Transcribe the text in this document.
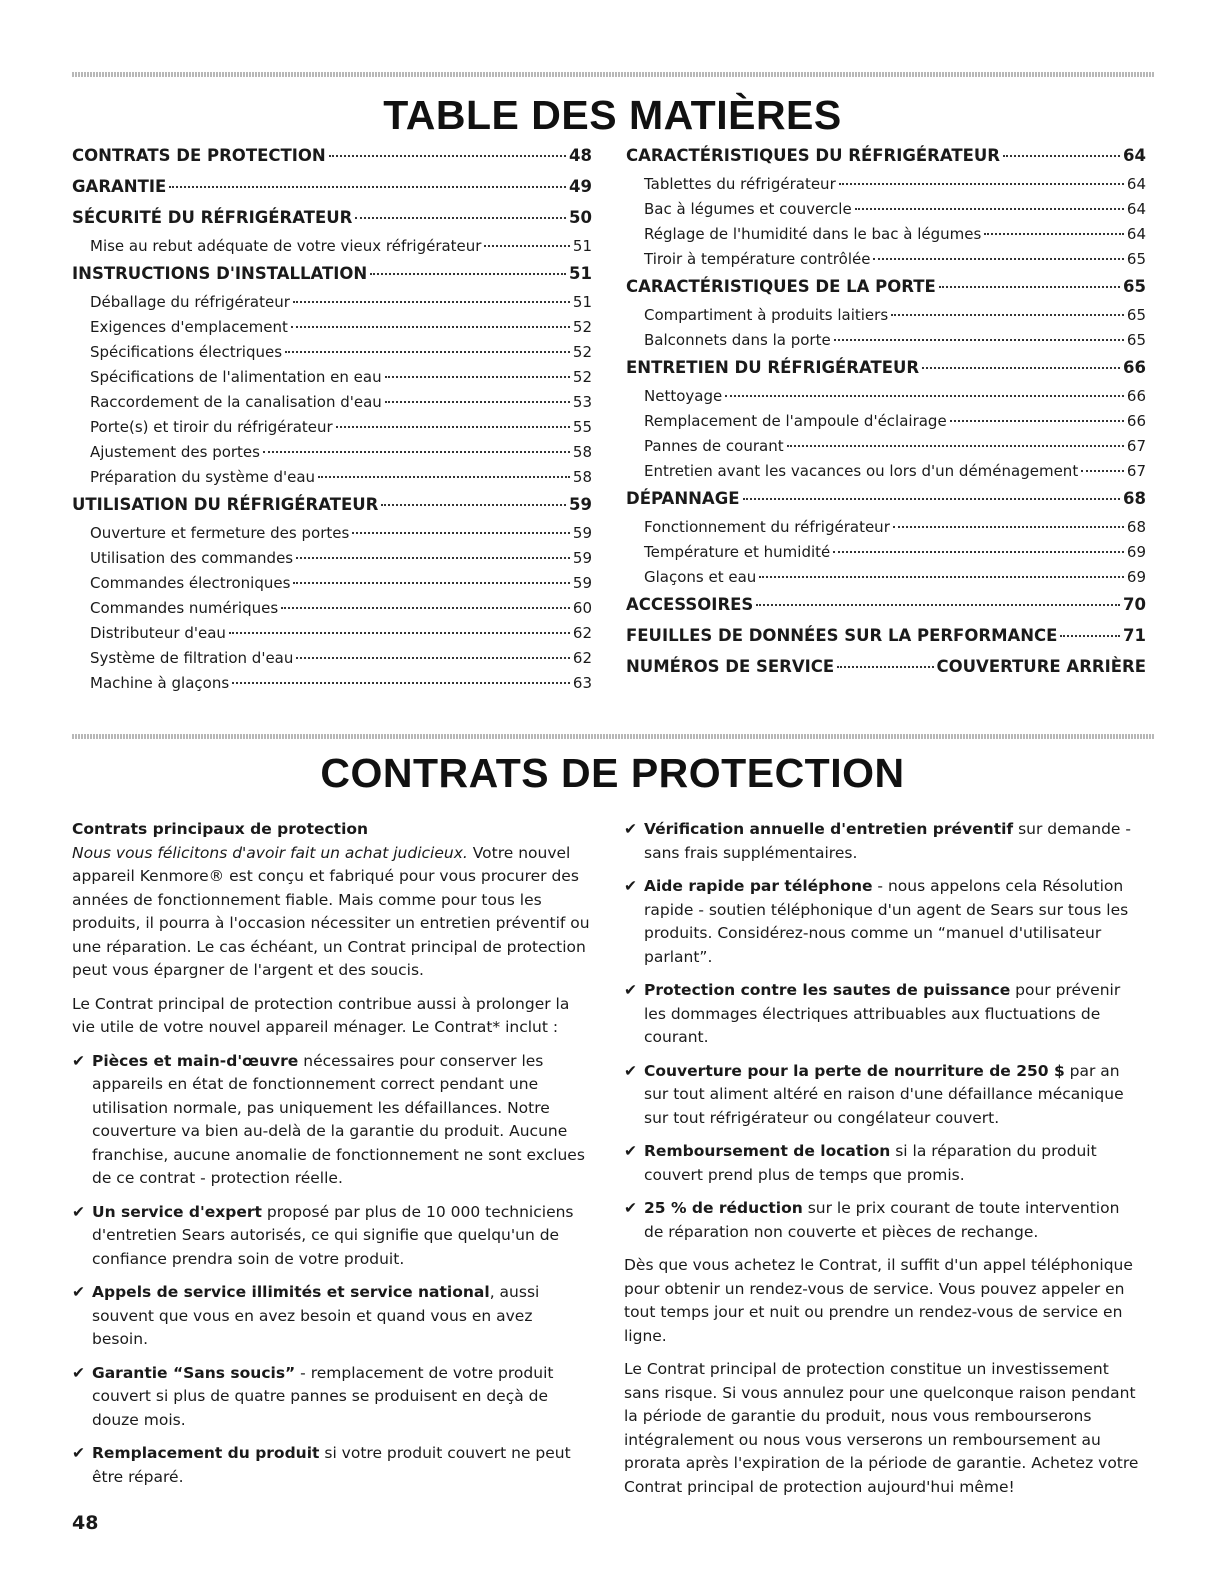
TABLE DES MATIÈRES
CONTRATS DE PROTECTION	48
GARANTIE	49
SÉCURITÉ DU RÉFRIGÉRATEUR	50
Mise au rebut adéquate de votre vieux réfrigérateur	51
INSTRUCTIONS D'INSTALLATION	51
Déballage du réfrigérateur	51
Exigences d'emplacement	52
Spécifications électriques	52
Spécifications de l'alimentation en eau	52
Raccordement de la canalisation d'eau	53
Porte(s) et tiroir du réfrigérateur	55
Ajustement des portes	58
Préparation du système d'eau	58
UTILISATION DU RÉFRIGÉRATEUR	59
Ouverture et fermeture des portes	59
Utilisation des commandes	59
Commandes électroniques	59
Commandes numériques	60
Distributeur d'eau	62
Système de filtration d'eau	62
Machine à glaçons	63
CARACTÉRISTIQUES DU RÉFRIGÉRATEUR	64
Tablettes du réfrigérateur	64
Bac à légumes et couvercle	64
Réglage de l'humidité dans le bac à légumes	64
Tiroir à température contrôlée	65
CARACTÉRISTIQUES DE LA PORTE	65
Compartiment à produits laitiers	65
Balconnets dans la porte	65
ENTRETIEN DU RÉFRIGÉRATEUR	66
Nettoyage	66
Remplacement de l'ampoule d'éclairage	66
Pannes de courant	67
Entretien avant les vacances ou lors d'un déménagement	67
DÉPANNAGE	68
Fonctionnement du réfrigérateur	68
Température et humidité	69
Glaçons et eau	69
ACCESSOIRES	70
FEUILLES DE DONNÉES SUR LA PERFORMANCE	71
NUMÉROS DE SERVICE	COUVERTURE ARRIÈRE
CONTRATS DE PROTECTION

Contrats principaux de protection
Nous vous félicitons d'avoir fait un achat judicieux. Votre nouvel appareil Kenmore® est conçu et fabriqué pour vous procurer des années de fonctionnement fiable. Mais comme pour tous les produits, il pourra à l'occasion nécessiter un entretien préventif ou une réparation. Le cas échéant, un Contrat principal de protection peut vous épargner de l'argent et des soucis.

Le Contrat principal de protection contribue aussi à prolonger la vie utile de votre nouvel appareil ménager. Le Contrat* inclut :

✔ Pièces et main-d'œuvre nécessaires pour conserver les appareils en état de fonctionnement correct pendant une utilisation normale, pas uniquement les défaillances. Notre couverture va bien au-delà de la garantie du produit. Aucune franchise, aucune anomalie de fonctionnement ne sont exclues de ce contrat - protection réelle.

✔ Un service d'expert proposé par plus de 10 000 techniciens d'entretien Sears autorisés, ce qui signifie que quelqu'un de confiance prendra soin de votre produit.

✔ Appels de service illimités et service national, aussi souvent que vous en avez besoin et quand vous en avez besoin.

✔ Garantie “Sans soucis” - remplacement de votre produit couvert si plus de quatre pannes se produisent en deçà de douze mois.

✔ Remplacement du produit si votre produit couvert ne peut être réparé.

✔ Vérification annuelle d'entretien préventif sur demande - sans frais supplémentaires.

✔ Aide rapide par téléphone - nous appelons cela Résolution rapide - soutien téléphonique d'un agent de Sears sur tous les produits. Considérez-nous comme un “manuel d'utilisateur parlant”.

✔ Protection contre les sautes de puissance pour prévenir les dommages électriques attribuables aux fluctuations de courant.

✔ Couverture pour la perte de nourriture de 250 $ par an sur tout aliment altéré en raison d'une défaillance mécanique sur tout réfrigérateur ou congélateur couvert.

✔ Remboursement de location si la réparation du produit couvert prend plus de temps que promis.

✔ 25 % de réduction sur le prix courant de toute intervention de réparation non couverte et pièces de rechange.

Dès que vous achetez le Contrat, il suffit d'un appel téléphonique pour obtenir un rendez-vous de service. Vous pouvez appeler en tout temps jour et nuit ou prendre un rendez-vous de service en ligne.

Le Contrat principal de protection constitue un investissement sans risque. Si vous annulez pour une quelconque raison pendant la période de garantie du produit, nous vous rembourserons intégralement ou nous vous verserons un remboursement au prorata après l'expiration de la période de garantie. Achetez votre Contrat principal de protection aujourd'hui même!

48
